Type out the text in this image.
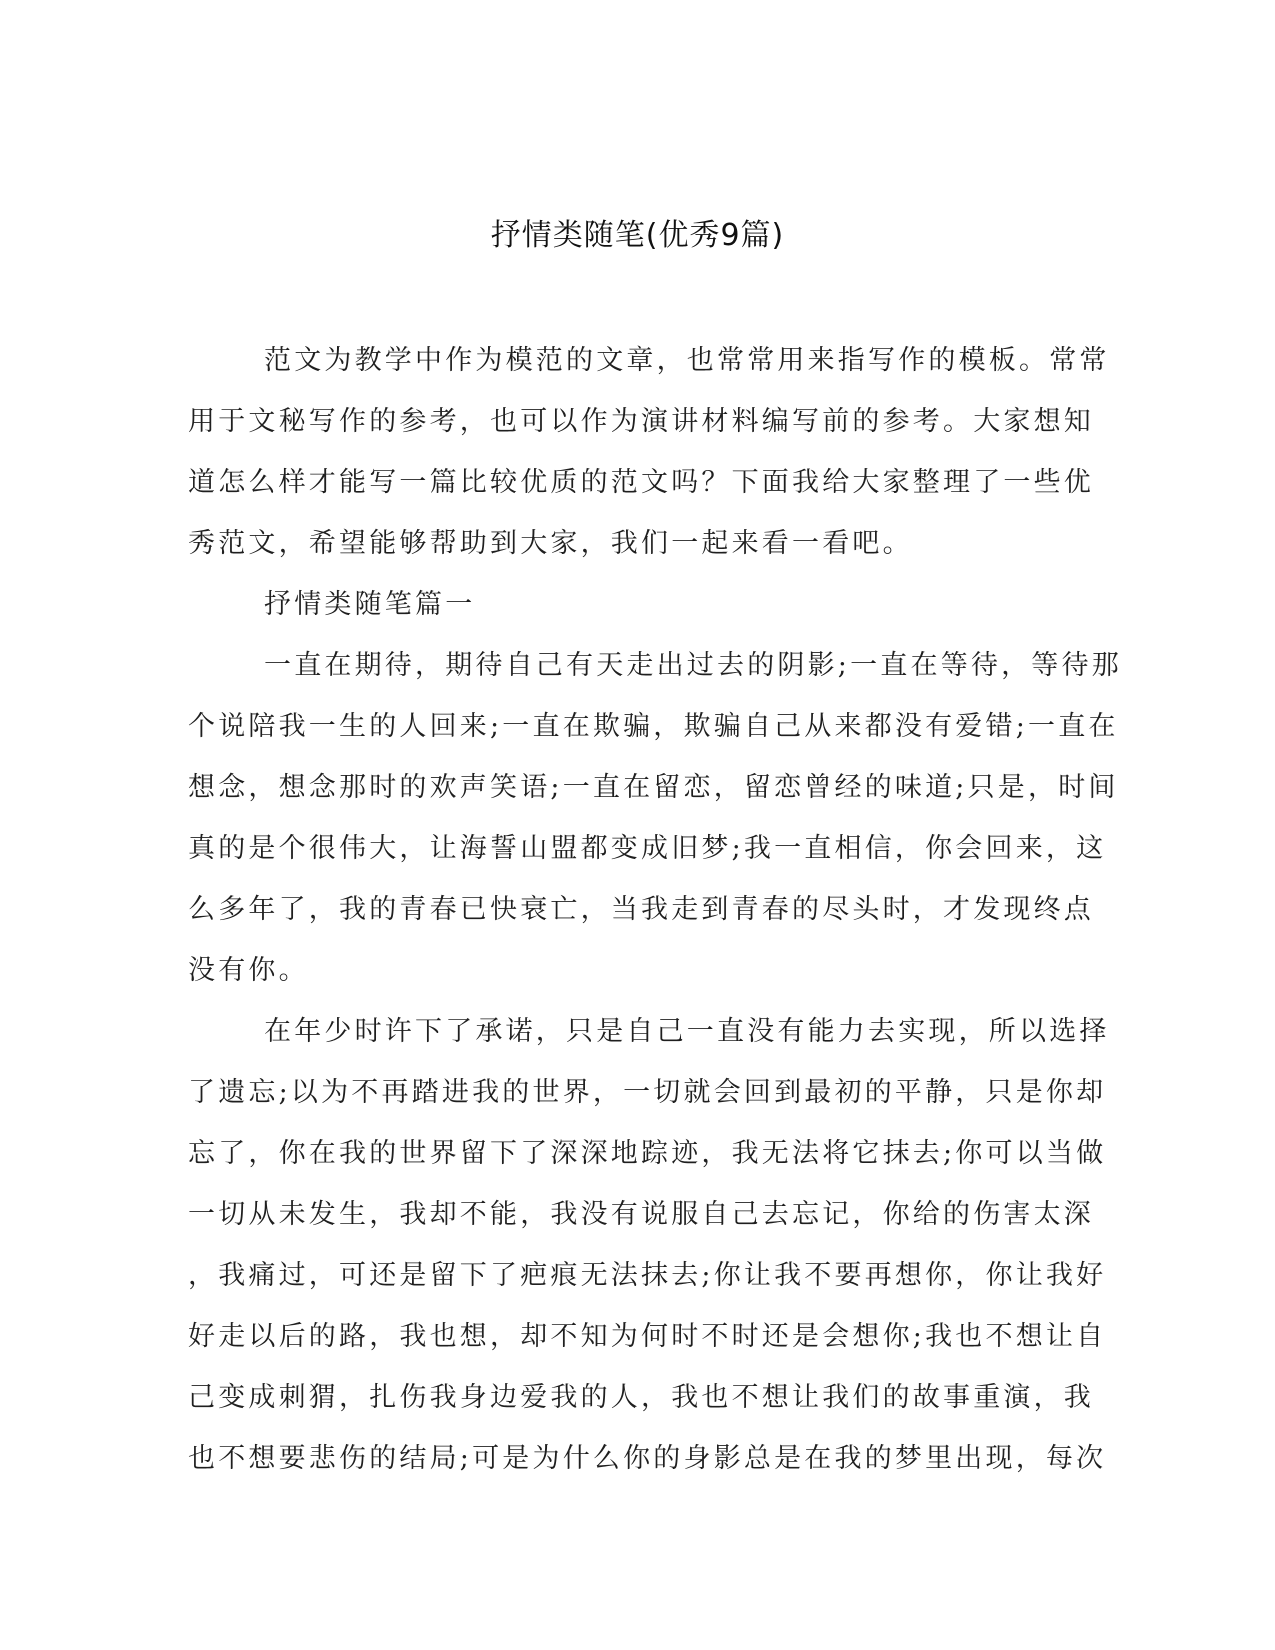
抒情类随笔(优秀9篇)
范文为教学中作为模范的文章，也常常用来指写作的模板。常常
用于文秘写作的参考，也可以作为演讲材料编写前的参考。大家想知
道怎么样才能写一篇比较优质的范文吗？下面我给大家整理了一些优
秀范文，希望能够帮助到大家，我们一起来看一看吧。
抒情类随笔篇一
一直在期待，期待自己有天走出过去的阴影;一直在等待，等待那
个说陪我一生的人回来;一直在欺骗，欺骗自己从来都没有爱错;一直在
想念，想念那时的欢声笑语;一直在留恋，留恋曾经的味道;只是，时间
真的是个很伟大，让海誓山盟都变成旧梦;我一直相信，你会回来，这
么多年了，我的青春已快衰亡，当我走到青春的尽头时，才发现终点
没有你。
在年少时许下了承诺，只是自己一直没有能力去实现，所以选择
了遗忘;以为不再踏进我的世界，一切就会回到最初的平静，只是你却
忘了，你在我的世界留下了深深地踪迹，我无法将它抹去;你可以当做
一切从未发生，我却不能，我没有说服自己去忘记，你给的伤害太深
，我痛过，可还是留下了疤痕无法抹去;你让我不要再想你，你让我好
好走以后的路，我也想，却不知为何时不时还是会想你;我也不想让自
己变成刺猬，扎伤我身边爱我的人，我也不想让我们的故事重演，我
也不想要悲伤的结局;可是为什么你的身影总是在我的梦里出现，每次
